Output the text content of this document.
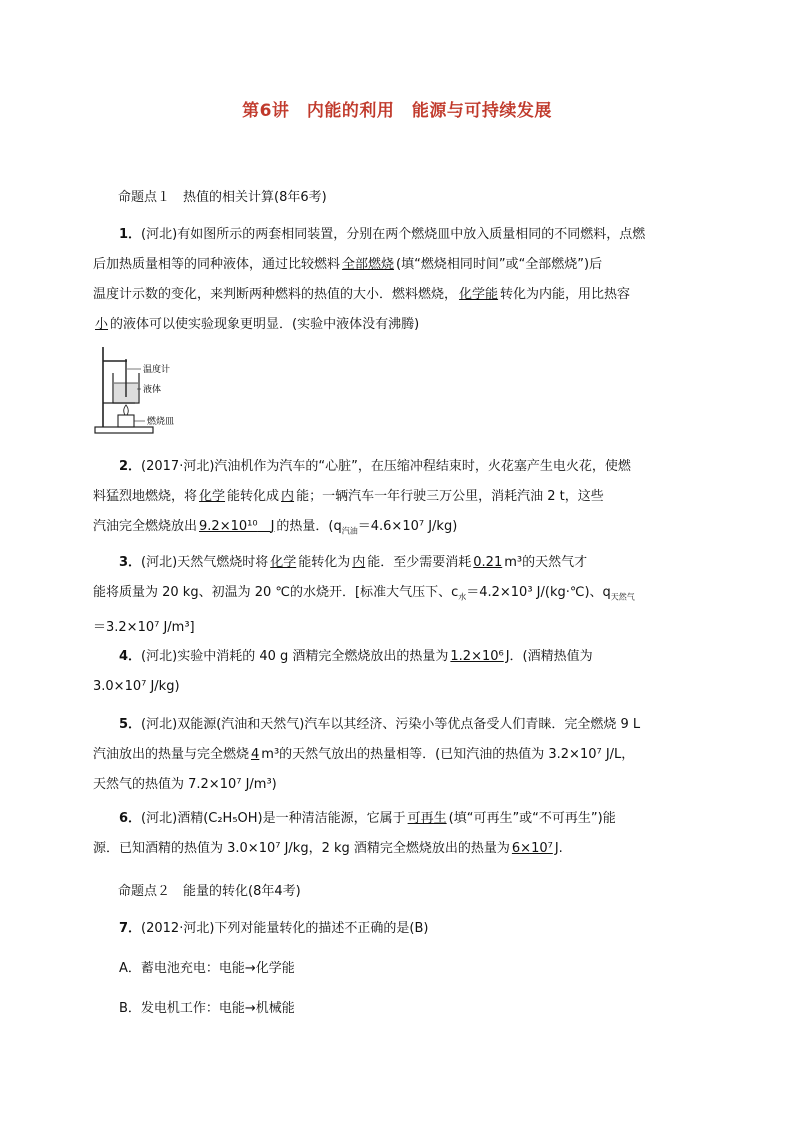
第6讲　内能的利用　能源与可持续发展
命题点１　热值的相关计算(8年6考)

1．(河北)有如图所示的两套相同装置，分别在两个燃烧皿中放入质量相同的不同燃料，点燃

后加热质量相等的同种液体，通过比较燃料 全部燃烧 (填“燃烧相同时间”或“全部燃烧”)后

温度计示数的变化，来判断两种燃料的热值的大小．燃料燃烧， 化学能 转化为内能，用比热容

小 的液体可以使实验现象更明显．(实验中液体没有沸腾)

温度计
液体
燃烧皿

2．(2017·河北)汽油机作为汽车的“心脏”，在压缩冲程结束时，火花塞产生电火花，使燃

料猛烈地燃烧，将 化学 能转化成 内 能；一辆汽车一年行驶三万公里，消耗汽油 2 t，这些

汽油完全燃烧放出 9.2×10¹⁰　 J 的热量．($q_{汽油}=4.6\times 10^7$ J/kg)

3．(河北)天然气燃烧时将 化学 能转化为 内 能．至少需要消耗 0.21 m³的天然气才

能将质量为 20 kg、初温为 20 ℃的水烧开．[标准大气压下、$c_水=4.2\times 10^3$ J/(kg·℃)、$q_{天然气}$

＝3.2×10⁷ J/m³]

4．(河北)实验中消耗的 40 g 酒精完全燃烧放出的热量为 1.2×10⁶ J．(酒精热值为

3.0×10⁷ J/kg)

5．(河北)双能源(汽油和天然气)汽车以其经济、污染小等优点备受人们青睐．完全燃烧 9 L

汽油放出的热量与完全燃烧 4 m³的天然气放出的热量相等．(已知汽油的热值为 3.2×10⁷ J/L，

天然气的热值为 7.2×10⁷ J/m³)

6．(河北)酒精(C₂H₅OH)是一种清洁能源，它属于 可再生 (填“可再生”或“不可再生”)能

源．已知酒精的热值为 3.0×10⁷ J/kg，2 kg 酒精完全燃烧放出的热量为 6×10⁷ J.

命题点２　能量的转化(8年4考)

7．(2012·河北)下列对能量转化的描述不正确的是(B)

A．蓄电池充电：电能→化学能

B．发电机工作：电能→机械能
